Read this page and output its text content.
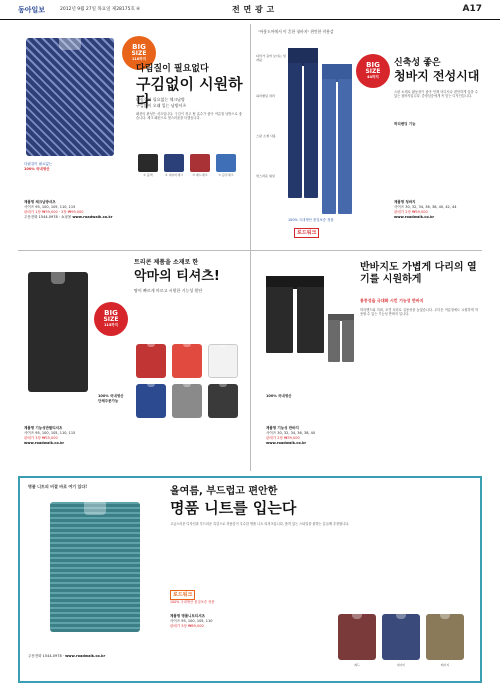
동아일보	2012년 9월 27일 목요일 제28175호 ⑥	전 면 광 고	A17
BIG
SIZE
110까지
다림질이 필요없다
구김없이 시원하다
다림질이 필요없는 체크남방
구김없이 오래 입는 남방셔츠
패션의 완성은 셔츠입니다. 구김이 적고 땀 흡수가 좋아 여름철 남방으로 좋습니다. 체크 패턴으로 멋스러움을 더했습니다.
다림질이 필요없는
100% 국내생산
① 블랙	② 네이비체크	③ 레드체크	④ 블루체크
제품명 체크남방셔츠
사이즈 95, 100, 105, 110, 115
판매가 1장 ₩39,000 · 3장 ₩99,000
주문전화 1544-0978 · 쇼핑몰 www.roadwalk.co.kr
"아웃도어에서 이 흔한 청바지" 편안한 착용감
BIG
SIZE
44까지
신축성 좋은
청바지 전성시대
스판 소재로 활동성이 좋아 언제 어디서나 편안하게 입을 수 있는 청바지입니다. 중장년층에게 꼭 맞는 디자인입니다.
허리밴딩 기능
다리가 길어 보이는 일자핏
허리밴딩 처리
스판 소재 사용
멋스러운 워싱
100% 국내생산 품질보증 정품
로드워크
제품명 청바지
사이즈 30, 32, 34, 36, 38, 40, 42, 44
판매가 2장 ₩59,000
www.roadwalk.co.kr
BIG
SIZE
115까지
트리콘 제품을 소재로 한
악마의 티셔츠!
땀이 빠르게 마르고 시원한 기능성 원단
100% 국내생산
단체주문가능
제품명 기능성반팔티셔츠
사이즈 95, 100, 105, 110, 115
판매가 3장 ₩55,000
www.roadwalk.co.kr
반바지도 가볍게 다리의 열기를 시원하게
통풍성을 극대화 시킨 기능성 반바지
허리밴드와 지퍼, 포켓 처리로 실용성을 높였습니다. 무더운 여름철에도 시원하게 착용할 수 있는 기능성 반바지 입니다.
100% 국내생산
제품명 기능성 반바지
사이즈 30, 32, 34, 36, 38, 40
판매가 2장 ₩39,000
www.roadwalk.co.kr
명품 니트의 비결 바로 여기 있다!	올여름, 부드럽고 편안한
명품 니트를 입는다
고급스러운 디자인과 부드러운 촉감으로 착용감이 우수한 명품 니트 티셔츠입니다. 품격 있는 스타일을 원하는 분들께 추천합니다.
로드워크
100% 국내생산 품질보증 정품
제품명 명품니트티셔츠
사이즈 95, 100, 105, 110
판매가 3장 ₩89,000
주문전화 1544-0978 · www.roadwalk.co.kr
레드	네이비	베이지
